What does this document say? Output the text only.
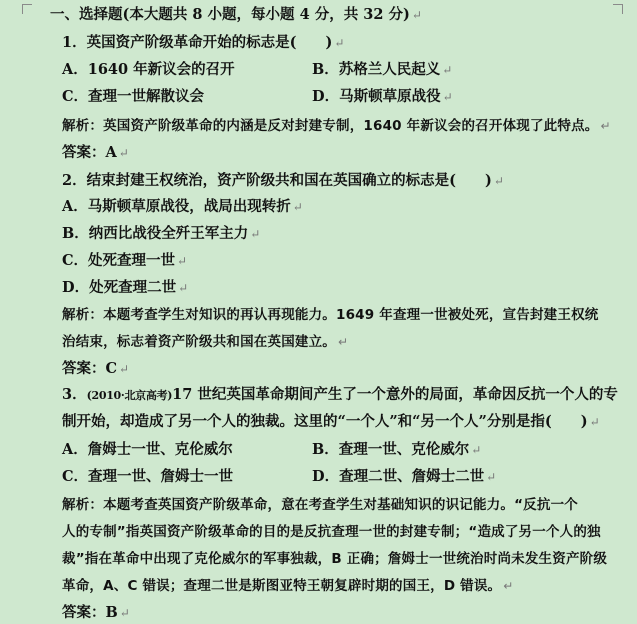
一、选择题(本大题共 8 小题，每小题 4 分，共 32 分) ↵
1．英国资产阶级革命开始的标志是(　　) ↵
A．1640 年新议会的召开	B．苏格兰人民起义 ↵
C．查理一世解散议会	D．马斯顿草原战役 ↵
解析：英国资产阶级革命的内涵是反对封建专制，1640 年新议会的召开体现了此特点。 ↵
答案：A ↵
2．结束封建王权统治，资产阶级共和国在英国确立的标志是(　　) ↵
A．马斯顿草原战役，战局出现转折 ↵
B．纳西比战役全歼王军主力 ↵
C．处死查理一世 ↵
D．处死查理二世 ↵
解析：本题考查学生对知识的再认再现能力。1649 年查理一世被处死，宣告封建王权统
治结束，标志着资产阶级共和国在英国建立。 ↵
答案：C ↵
3．(2010·北京高考)17 世纪英国革命期间产生了一个意外的局面，革命因反抗一个人的专
制开始，却造成了另一个人的独裁。这里的“一个人”和“另一个人”分别是指(　　) ↵
A．詹姆士一世、克伦威尔	B．查理一世、克伦威尔 ↵
C．查理一世、詹姆士一世	D．查理二世、詹姆士二世 ↵
解析：本题考查英国资产阶级革命，意在考查学生对基础知识的识记能力。“反抗一个
人的专制”指英国资产阶级革命的目的是反抗查理一世的封建专制；“造成了另一个人的独
裁”指在革命中出现了克伦威尔的军事独裁，B 正确；詹姆士一世统治时尚未发生资产阶级
革命，A、C 错误；查理二世是斯图亚特王朝复辟时期的国王，D 错误。 ↵
答案：B ↵
